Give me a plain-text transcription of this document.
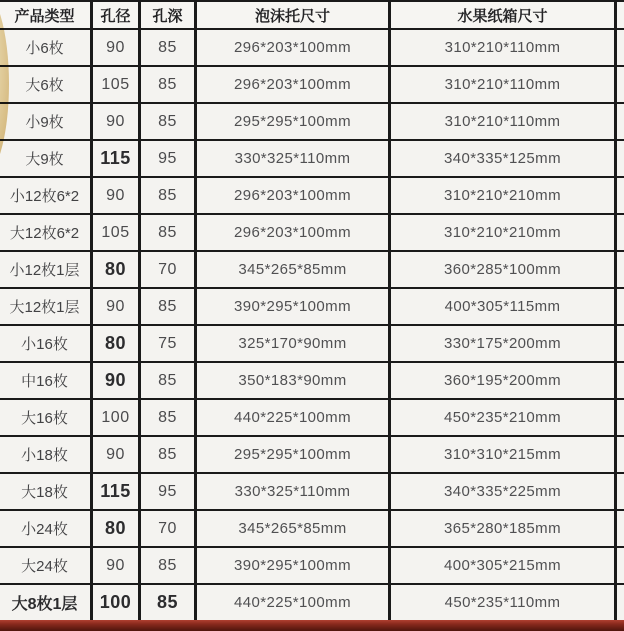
产品类型	孔径	孔深	泡沫托尺寸	水果纸箱尺寸	
小6枚	90	85	296*203*100mm	310*210*110mm	
大6枚	105	85	296*203*100mm	310*210*110mm	
小9枚	90	85	295*295*100mm	310*210*110mm	
大9枚	115	95	330*325*110mm	340*335*125mm	
小12枚6*2	90	85	296*203*100mm	310*210*210mm	
大12枚6*2	105	85	296*203*100mm	310*210*210mm	
小12枚1层	80	70	345*265*85mm	360*285*100mm	
大12枚1层	90	85	390*295*100mm	400*305*115mm	
小16枚	80	75	325*170*90mm	330*175*200mm	
中16枚	90	85	350*183*90mm	360*195*200mm	
大16枚	100	85	440*225*100mm	450*235*210mm	
小18枚	90	85	295*295*100mm	310*310*215mm	
大18枚	115	95	330*325*110mm	340*335*225mm	
小24枚	80	70	345*265*85mm	365*280*185mm	
大24枚	90	85	390*295*100mm	400*305*215mm	
大8枚1层	100	85	440*225*100mm	450*235*110mm	
